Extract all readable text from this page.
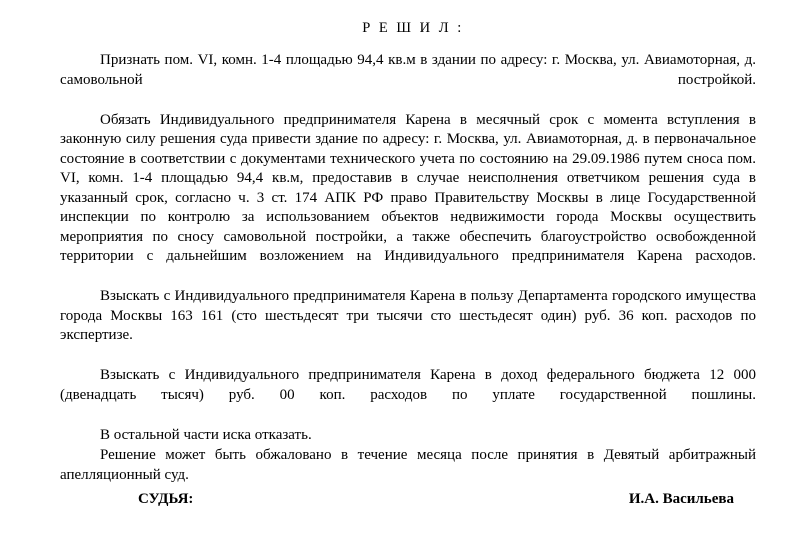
Р Е Ш И Л :

Признать пом. VI, комн. 1-4 площадью 94,4 кв.м в здании по адресу: г. Москва, ул. Авиамоторная, д. самовольной постройкой.

Обязать Индивидуального предпринимателя Карена в месячный срок с момента вступления в законную силу решения суда привести здание по адресу: г. Москва, ул. Авиамоторная, д. в первоначальное состояние в соответствии с документами технического учета по состоянию на 29.09.1986 путем сноса пом. VI, комн. 1-4 площадью 94,4 кв.м, предоставив в случае неисполнения ответчиком решения суда в указанный срок, согласно ч. 3 ст. 174 АПК РФ право Правительству Москвы в лице Государственной инспекции по контролю за использованием объектов недвижимости города Москвы осуществить мероприятия по сносу самовольной постройки, а также обеспечить благоустройство освобожденной территории с дальнейшим возложением на Индивидуального предпринимателя Карена расходов.

Взыскать с Индивидуального предпринимателя Карена в пользу Департамента городского имущества города Москвы 163 161 (сто шестьдесят три тысячи сто шестьдесят один) руб. 36 коп. расходов по экспертизе.

Взыскать с Индивидуального предпринимателя Карена в доход федерального бюджета 12 000 (двенадцать тысяч) руб. 00 коп. расходов по уплате государственной пошлины.

В остальной части иска отказать.

Решение может быть обжаловано в течение месяца после принятия в Девятый арбитражный апелляционный суд.

СУДЬЯ:	И.А. Васильева
